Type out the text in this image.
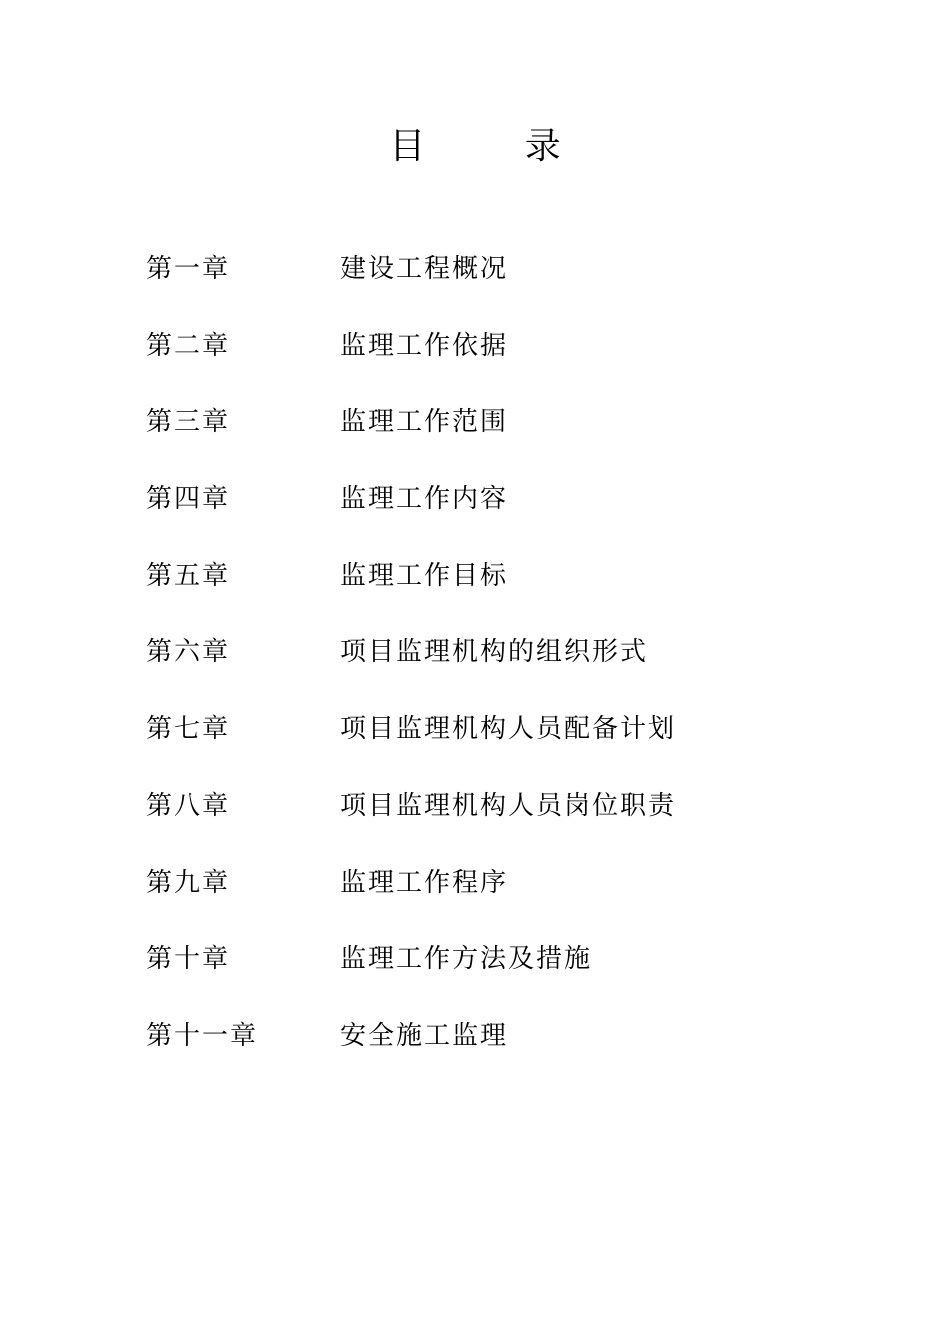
目 录
第一章	建设工程概况
第二章	监理工作依据
第三章	监理工作范围
第四章	监理工作内容
第五章	监理工作目标
第六章	项目监理机构的组织形式
第七章	项目监理机构人员配备计划
第八章	项目监理机构人员岗位职责
第九章	监理工作程序
第十章	监理工作方法及措施
第十一章	安全施工监理
